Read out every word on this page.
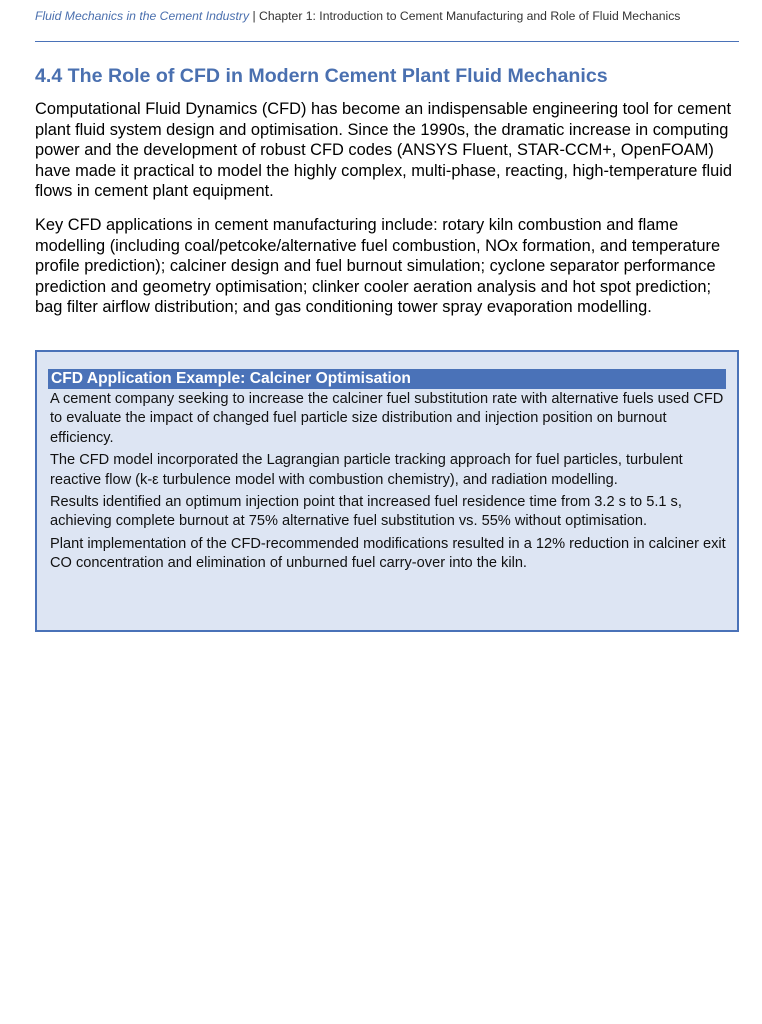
Fluid Mechanics in the Cement Industry | Chapter 1: Introduction to Cement Manufacturing and Role of Fluid Mechanics
4.4 The Role of CFD in Modern Cement Plant Fluid Mechanics

Computational Fluid Dynamics (CFD) has become an indispensable engineering tool for cement plant fluid system design and optimisation. Since the 1990s, the dramatic increase in computing power and the development of robust CFD codes (ANSYS Fluent, STAR-CCM+, OpenFOAM) have made it practical to model the highly complex, multi-phase, reacting, high-temperature fluid flows in cement plant equipment.

Key CFD applications in cement manufacturing include: rotary kiln combustion and flame modelling (including coal/petcoke/alternative fuel combustion, NOx formation, and temperature profile prediction); calciner design and fuel burnout simulation; cyclone separator performance prediction and geometry optimisation; clinker cooler aeration analysis and hot spot prediction; bag filter airflow distribution; and gas conditioning tower spray evaporation modelling.

CFD Application Example: Calciner Optimisation

A cement company seeking to increase the calciner fuel substitution rate with alternative fuels used CFD to evaluate the impact of changed fuel particle size distribution and injection position on burnout efficiency.

The CFD model incorporated the Lagrangian particle tracking approach for fuel particles, turbulent reactive flow (k-ε turbulence model with combustion chemistry), and radiation modelling.

Results identified an optimum injection point that increased fuel residence time from 3.2 s to 5.1 s, achieving complete burnout at 75% alternative fuel substitution vs. 55% without optimisation.

Plant implementation of the CFD-recommended modifications resulted in a 12% reduction in calciner exit CO concentration and elimination of unburned fuel carry-over into the kiln.
